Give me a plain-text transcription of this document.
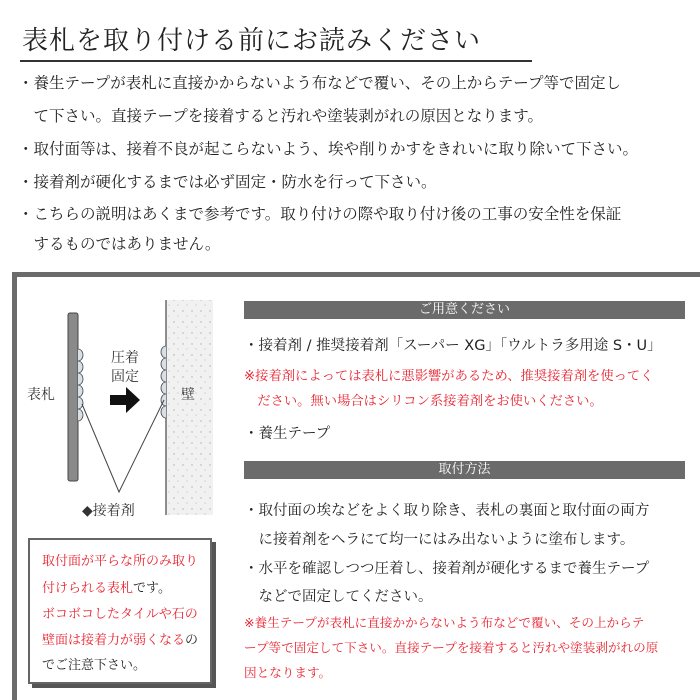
表札を取り付ける前にお読みください
・養生テープが表札に直接かからないよう布などで覆い、その上からテープ等で固定し
　て下さい。直接テープを接着すると汚れや塗装剥がれの原因となります。
・取付面等は、接着不良が起こらないよう、埃や削りかすをきれいに取り除いて下さい。
・接着剤が硬化するまでは必ず固定・防水を行って下さい。
・こちらの説明はあくまで参考です。取り付けの際や取り付け後の工事の安全性を保証
　するものではありません。
表札
圧着
固定
壁
◆接着剤
取付面が平らな所のみ取り
付けられる表札です。
ボコボコしたタイルや石の
壁面は接着力が弱くなるの
でご注意下さい。
ご用意ください
・接着剤 / 推奨接着剤「スーパー XG」「ウルトラ多用途 S・U」
※接着剤によっては表札に悪影響があるため、推奨接着剤を使ってく
　ださい。無い場合はシリコン系接着剤をお使いください。
・養生テープ
取付方法
・取付面の埃などをよく取り除き、表札の裏面と取付面の両方
　に接着剤をヘラにて均一にはみ出ないように塗布します。
・水平を確認しつつ圧着し、接着剤が硬化するまで養生テープ
　などで固定してください。
※養生テープが表札に直接かからないよう布などで覆い、その上からテ
ープ等で固定して下さい。直接テープを接着すると汚れや塗装剥がれの原
因となります。
